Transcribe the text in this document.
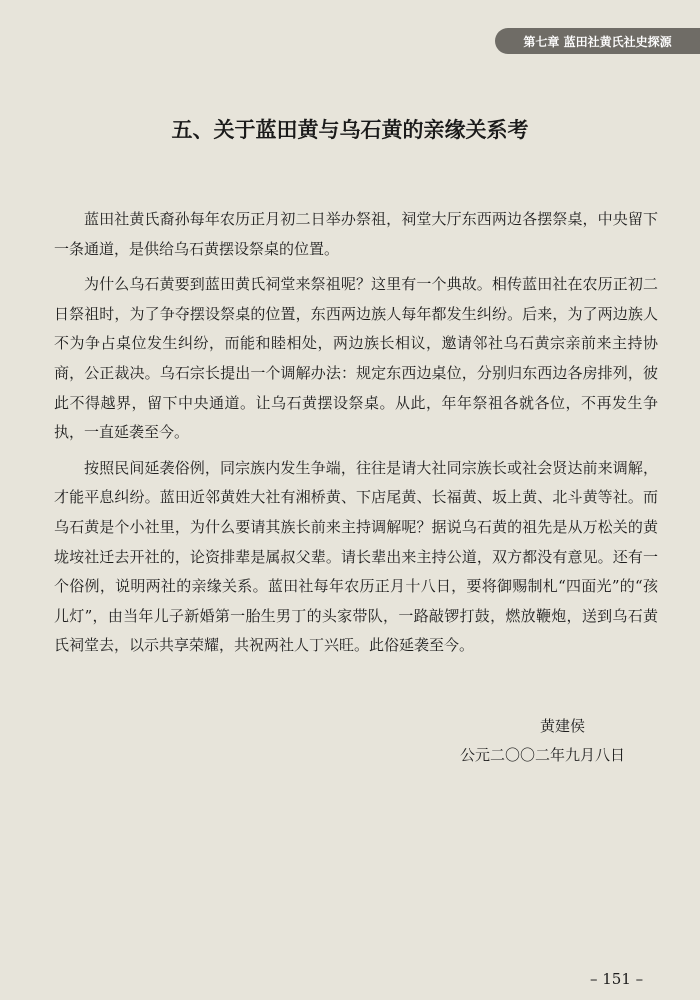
第七章 蓝田社黄氏社史探源
五、关于蓝田黄与乌石黄的亲缘关系考

蓝田社黄氏裔孙每年农历正月初二日举办祭祖，祠堂大厅东西两边各摆祭桌，中央留下一条通道，是供给乌石黄摆设祭桌的位置。

为什么乌石黄要到蓝田黄氏祠堂来祭祖呢？这里有一个典故。相传蓝田社在农历正初二日祭祖时，为了争夺摆设祭桌的位置，东西两边族人每年都发生纠纷。后来，为了两边族人不为争占桌位发生纠纷，而能和睦相处，两边族长相议，邀请邻社乌石黄宗亲前来主持协商，公正裁决。乌石宗长提出一个调解办法：规定东西边桌位，分别归东西边各房排列，彼此不得越界，留下中央通道。让乌石黄摆设祭桌。从此，年年祭祖各就各位，不再发生争执，一直延袭至今。

按照民间延袭俗例，同宗族内发生争端，往往是请大社同宗族长或社会贤达前来调解，才能平息纠纷。蓝田近邻黄姓大社有湘桥黄、下店尾黄、长福黄、坂上黄、北斗黄等社。而乌石黄是个小社里，为什么要请其族长前来主持调解呢？据说乌石黄的祖先是从万松关的黄垅垵社迁去开社的，论资排辈是属叔父辈。请长辈出来主持公道，双方都没有意见。还有一个俗例，说明两社的亲缘关系。蓝田社每年农历正月十八日，要将御赐制札“四面光”的“孩儿灯”，由当年儿子新婚第一胎生男丁的头家带队，一路敲锣打鼓，燃放鞭炮，送到乌石黄氏祠堂去，以示共享荣耀，共祝两社人丁兴旺。此俗延袭至今。

黄建侯
公元二〇〇二年九月八日
– 151 –
